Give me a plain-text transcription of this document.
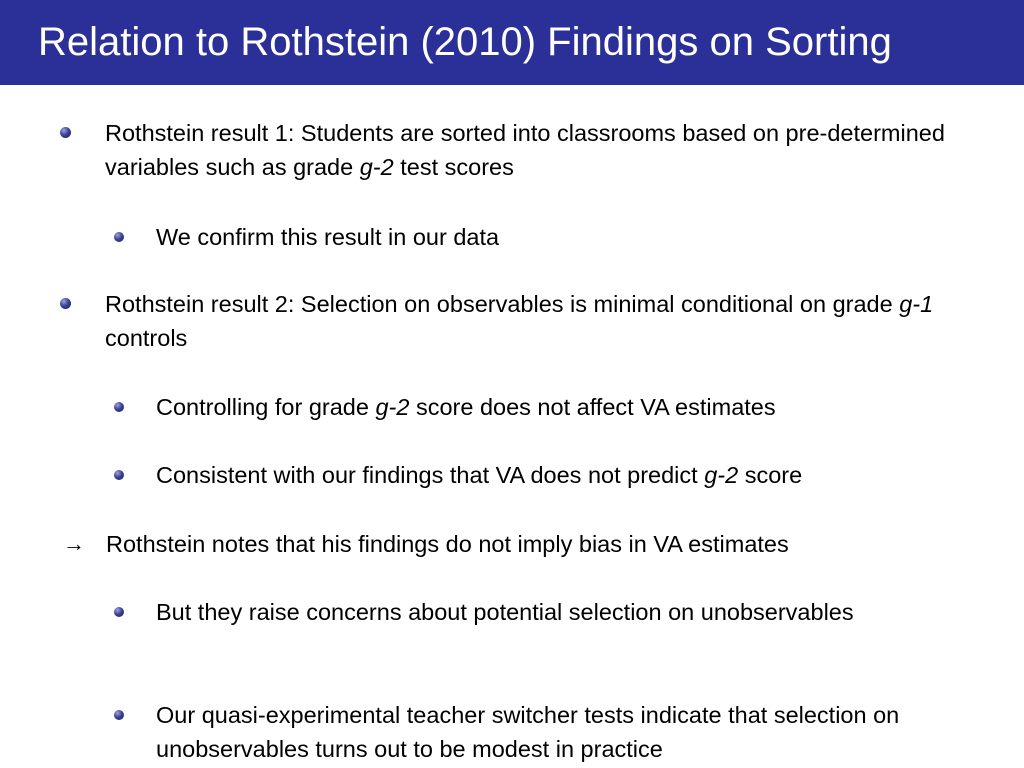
Relation to Rothstein (2010) Findings on Sorting
Rothstein result 1: Students are sorted into classrooms based on pre-determined variables such as grade g-2 test scores
We confirm this result in our data
Rothstein result 2: Selection on observables is minimal conditional on grade g-1 controls
Controlling for grade g-2 score does not affect VA estimates
Consistent with our findings that VA does not predict g-2 score
→ Rothstein notes that his findings do not imply bias in VA estimates
But they raise concerns about potential selection on unobservables
Our quasi-experimental teacher switcher tests indicate that selection on unobservables turns out to be modest in practice
